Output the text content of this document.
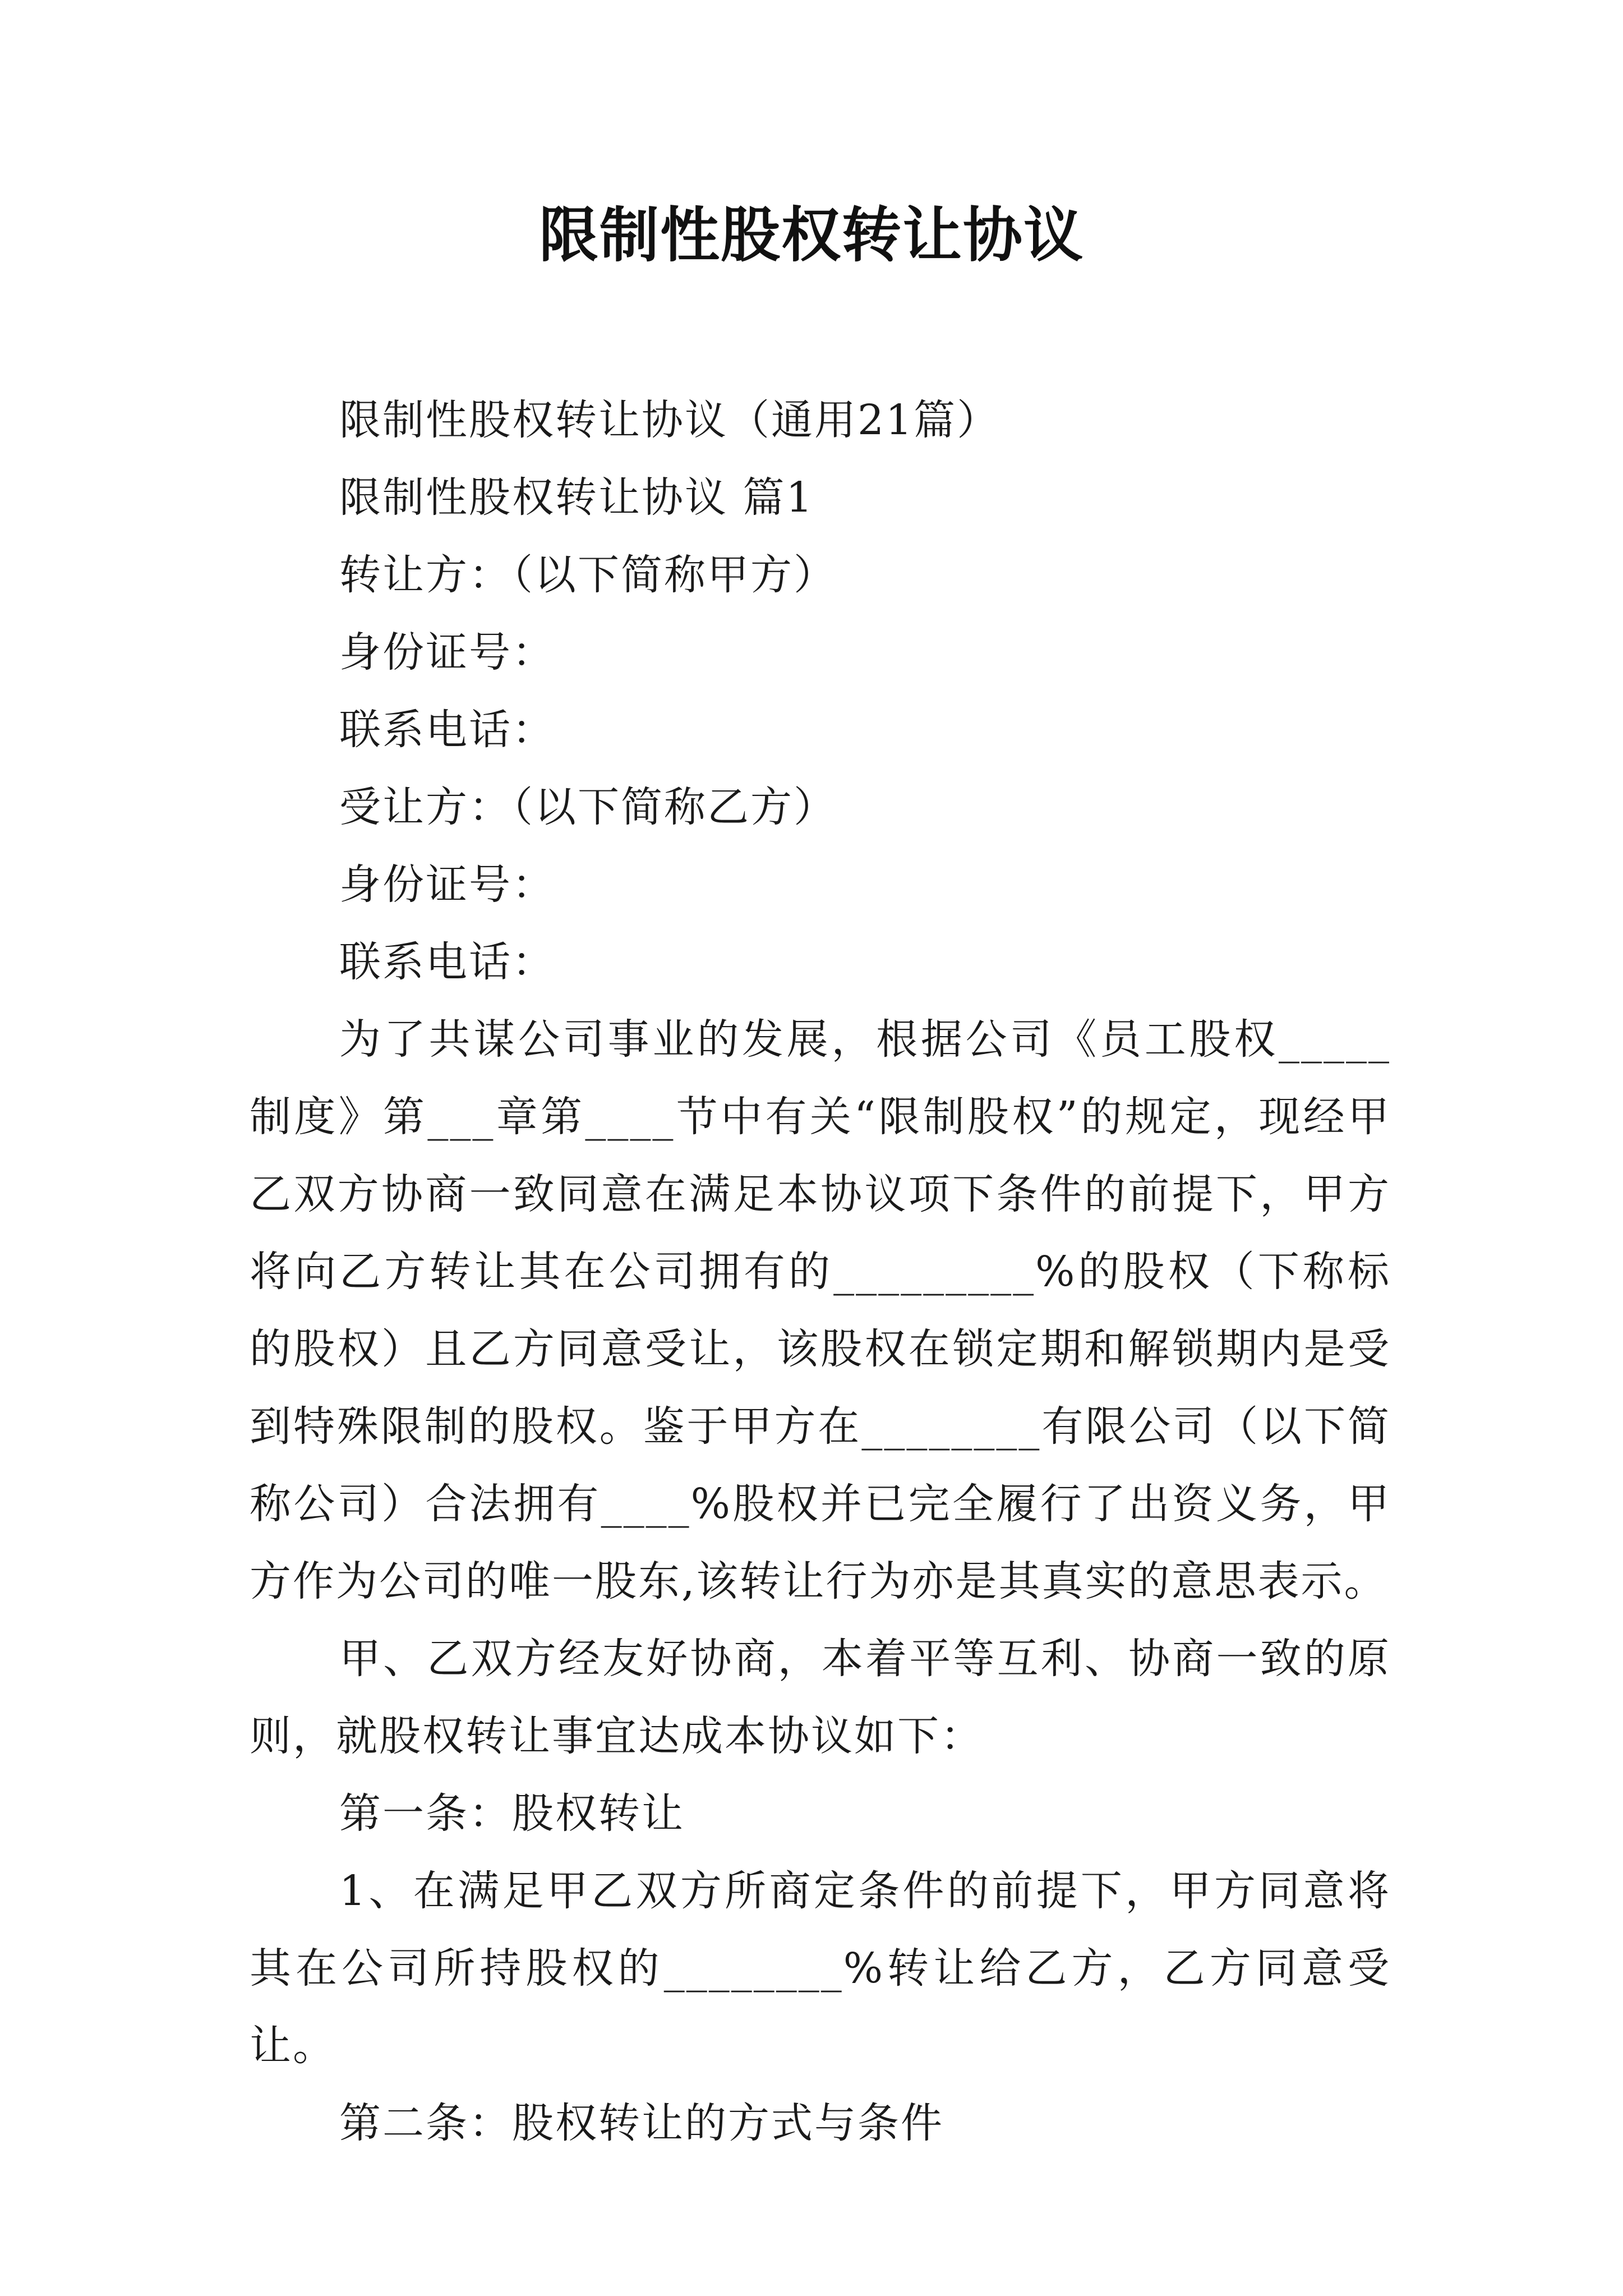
限制性股权转让协议

限制性股权转让协议（通用21篇）

限制性股权转让协议 篇1

转让方：（以下简称甲方）

身份证号：

联系电话：

受让方：（以下简称乙方）

身份证号：

联系电话：

为了共谋公司事业的发展，根据公司《员工股权_____制度》第___章第____节中有关“限制股权”的规定，现经甲乙双方协商一致同意在满足本协议项下条件的前提下，甲方将向乙方转让其在公司拥有的_________%的股权（下称标的股权）且乙方同意受让，该股权在锁定期和解锁期内是受到特殊限制的股权。鉴于甲方在________有限公司（以下简称公司）合法拥有____%股权并已完全履行了出资义务，甲方作为公司的唯一股东,该转让行为亦是其真实的意思表示。

甲、乙双方经友好协商，本着平等互利、协商一致的原则，就股权转让事宜达成本协议如下：

第一条：股权转让

1、在满足甲乙双方所商定条件的前提下，甲方同意将其在公司所持股权的________%转让给乙方，乙方同意受让。

第二条：股权转让的方式与条件
